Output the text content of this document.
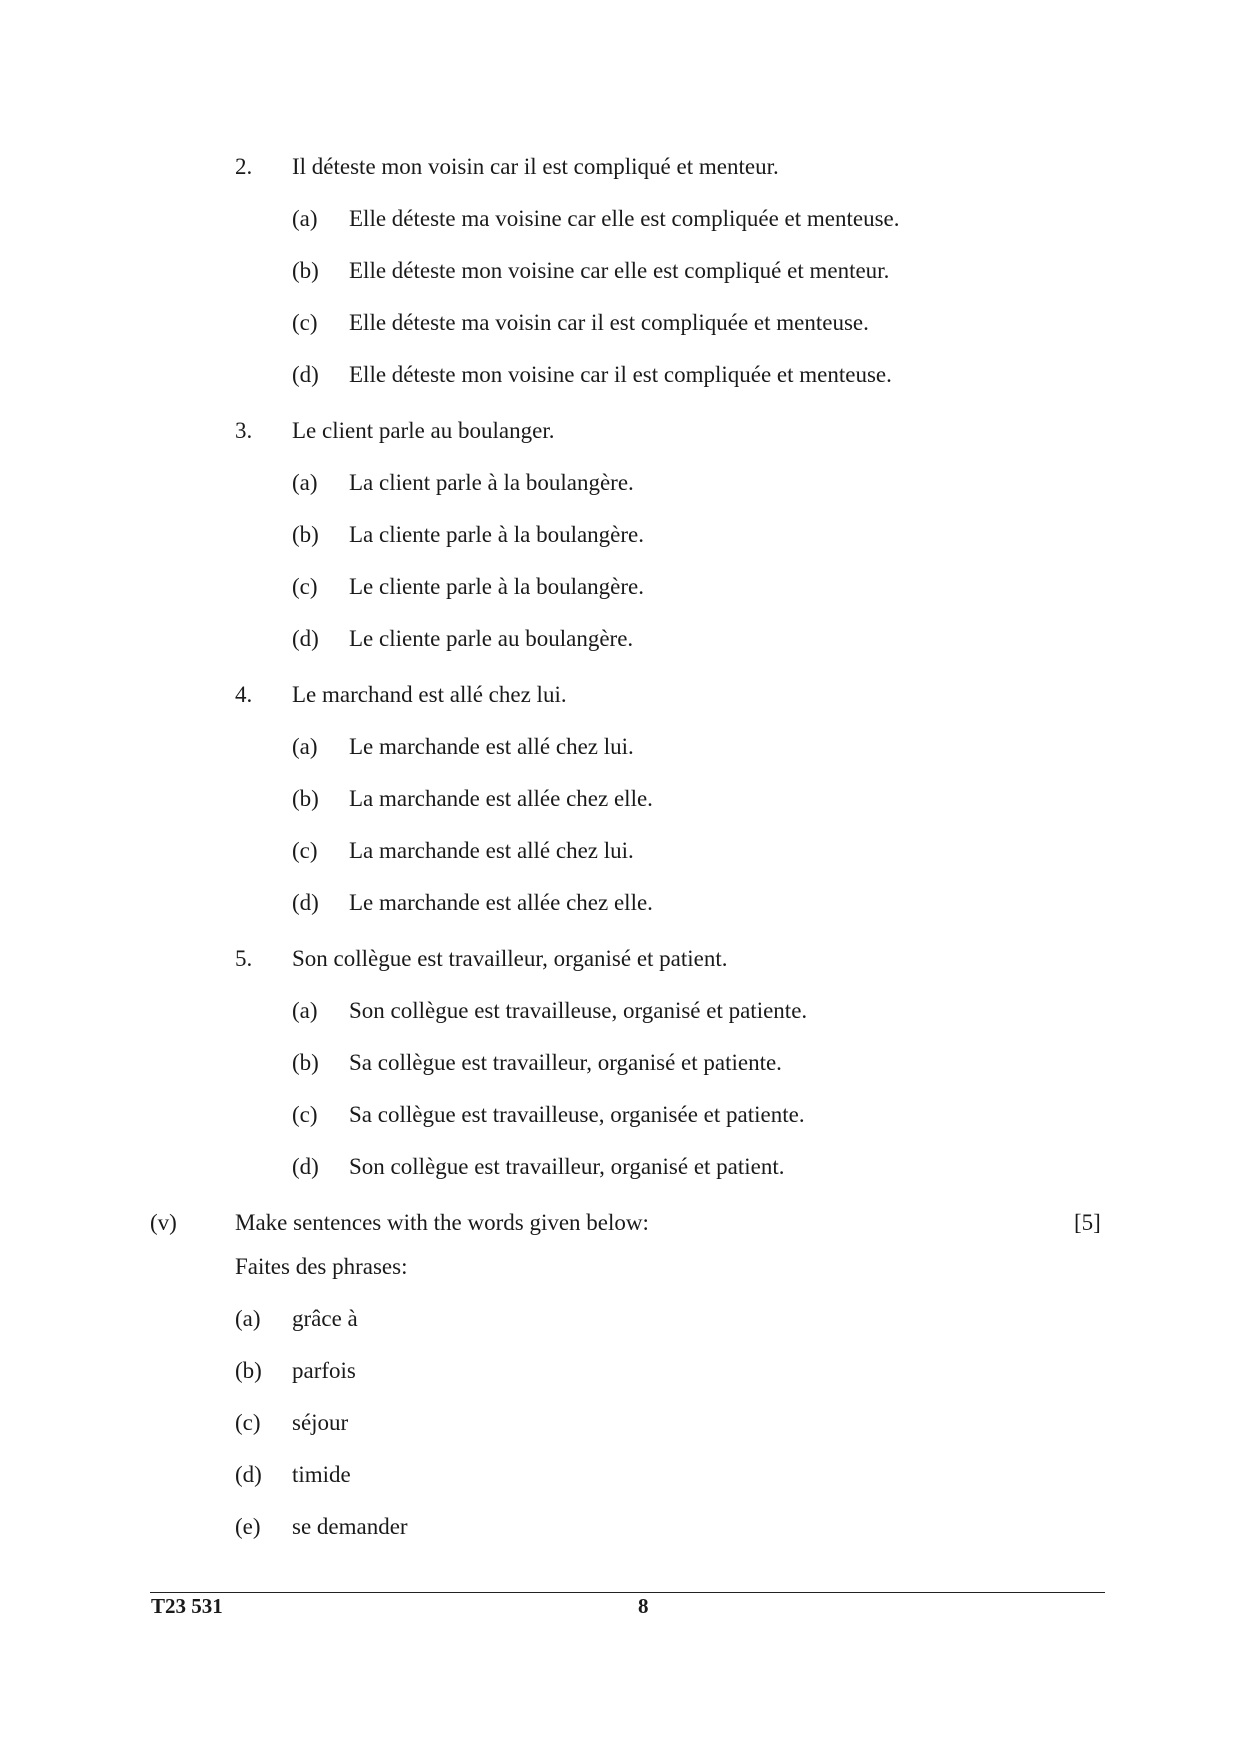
2. Il déteste mon voisin car il est compliqué et menteur.
(a) Elle déteste ma voisine car elle est compliquée et menteuse.
(b) Elle déteste mon voisine car elle est compliqué et menteur.
(c) Elle déteste ma voisin car il est compliquée et menteuse.
(d) Elle déteste mon voisine car il est compliquée et menteuse.
3. Le client parle au boulanger.
(a) La client parle à la boulangère.
(b) La cliente parle à la boulangère.
(c) Le cliente parle à la boulangère.
(d) Le cliente parle au boulangère.
4. Le marchand est allé chez lui.
(a) Le marchande est allé chez lui.
(b) La marchande est allée chez elle.
(c) La marchande est allé chez lui.
(d) Le marchande est allée chez elle.
5. Son collègue est travailleur, organisé et patient.
(a) Son collègue est travailleuse, organisé et patiente.
(b) Sa collègue est travailleur, organisé et patiente.
(c) Sa collègue est travailleuse, organisée et patiente.
(d) Son collègue est travailleur, organisé et patient.
(v)	Make sentences with the words given below:	[5]
Faites des phrases:
(a) grâce à
(b) parfois
(c) séjour
(d) timide
(e) se demander
T23 531	8
